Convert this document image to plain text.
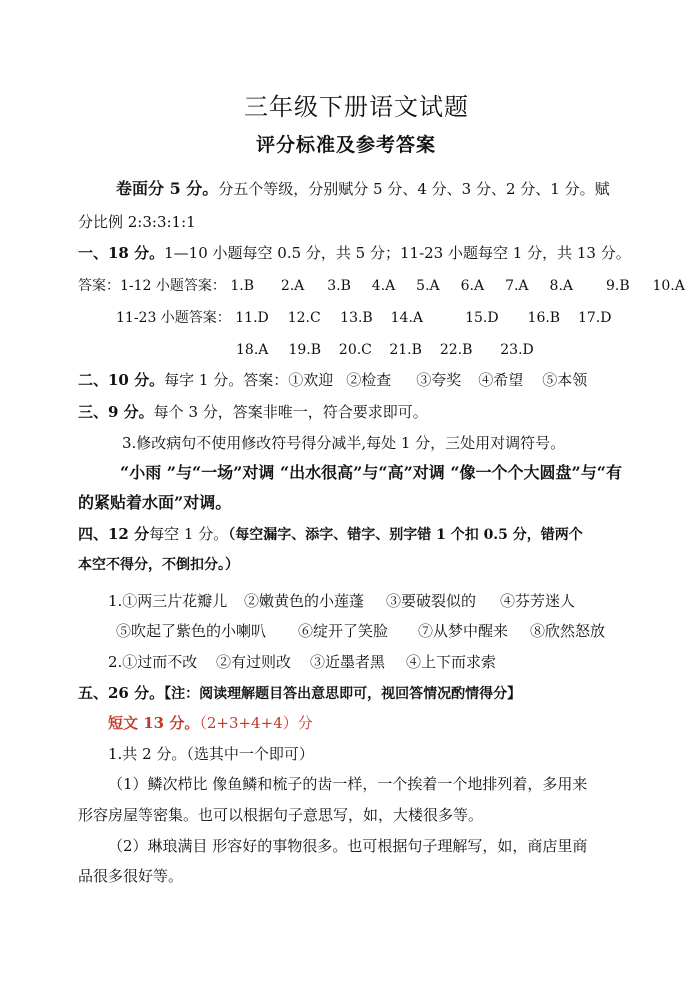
三年级下册语文试题
评分标准及参考答案
卷面分 5 分。分五个等级，分别赋分 5 分、4 分、3 分、2 分、1 分。赋
分比例 2:3:3:1:1
一、18 分。1—10 小题每空 0.5 分，共 5 分；11-23 小题每空 1 分，共 13 分。
答案：1-12 小题答案： 1.B 2.A 3.B 4.A 5.A 6.A 7.A 8.A 9.B 10.A
11-23 小题答案： 11.D 12.C 13.B 14.A	15.D 16.B 17.D
18.A 19.B 20.C 21.B 22.B 23.D
二、10 分。每字 1 分。答案：①欢迎 ②检查 ③夸奖 ④希望 ⑤本领
三、9 分。每个 3 分，答案非唯一，符合要求即可。
3.修改病句不使用修改符号得分减半,每处 1 分，三处用对调符号。
“小雨 ”与“一场”对调 “出水很高”与“高”对调 “像一个个大圆盘”与“有
的紧贴着水面”对调。
四、12 分每空 1 分。（每空漏字、添字、错字、别字错 1 个扣 0.5 分，错两个
本空不得分，不倒扣分。）
1.①两三片花瓣儿 ②嫩黄色的小莲蓬 ③要破裂似的 ④芬芳迷人
⑤吹起了紫色的小喇叭 ⑥绽开了笑脸 ⑦从梦中醒来 ⑧欣然怒放
2.①过而不改 ②有过则改 ③近墨者黑 ④上下而求索
五、26 分。【注：阅读理解题目答出意思即可，视回答情况酌情得分】
短文 13 分。（2+3+4+4）分
1.共 2 分。（选其中一个即可）
（1）鳞次栉比 像鱼鳞和梳子的齿一样，一个挨着一个地排列着，多用来
形容房屋等密集。也可以根据句子意思写，如，大楼很多等。
（2）琳琅满目 形容好的事物很多。也可根据句子理解写，如，商店里商
品很多很好等。
